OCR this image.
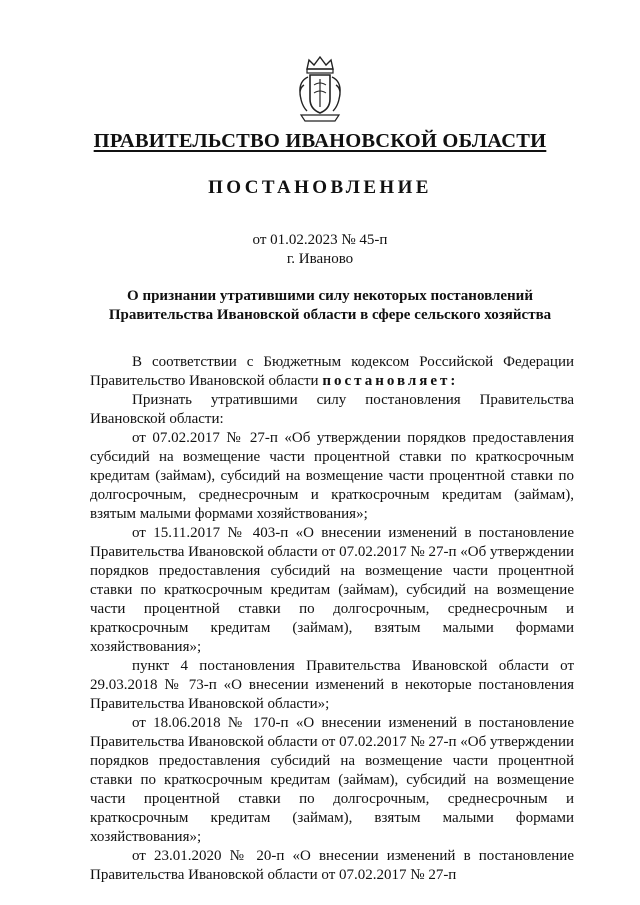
ПРАВИТЕЛЬСТВО ИВАНОВСКОЙ ОБЛАСТИ
ПОСТАНОВЛЕНИЕ
от 01.02.2023 № 45-п
г. Иваново
О признании утратившими силу некоторых постановлений
Правительства Ивановской области в сфере сельского хозяйства

В соответствии с Бюджетным кодексом Российской Федерации Правительство Ивановской области постановляет:

Признать утратившими силу постановления Правительства Ивановской области:

от 07.02.2017 № 27-п «Об утверждении порядков предоставления субсидий на возмещение части процентной ставки по краткосрочным кредитам (займам), субсидий на возмещение части процентной ставки по долгосрочным, среднесрочным и краткосрочным кредитам (займам), взятым малыми формами хозяйствования»;

от 15.11.2017 № 403-п «О внесении изменений в постановление Правительства Ивановской области от 07.02.2017 № 27-п «Об утверждении порядков предоставления субсидий на возмещение части процентной ставки по краткосрочным кредитам (займам), субсидий на возмещение части процентной ставки по долгосрочным, среднесрочным и краткосрочным кредитам (займам), взятым малыми формами хозяйствования»;

пункт 4 постановления Правительства Ивановской области от 29.03.2018 № 73-п «О внесении изменений в некоторые постановления Правительства Ивановской области»;

от 18.06.2018 № 170-п «О внесении изменений в постановление Правительства Ивановской области от 07.02.2017 № 27-п «Об утверждении порядков предоставления субсидий на возмещение части процентной ставки по краткосрочным кредитам (займам), субсидий на возмещение части процентной ставки по долгосрочным, среднесрочным и краткосрочным кредитам (займам), взятым малыми формами хозяйствования»;

от 23.01.2020 № 20-п «О внесении изменений в постановление Правительства Ивановской области от 07.02.2017 № 27-п
